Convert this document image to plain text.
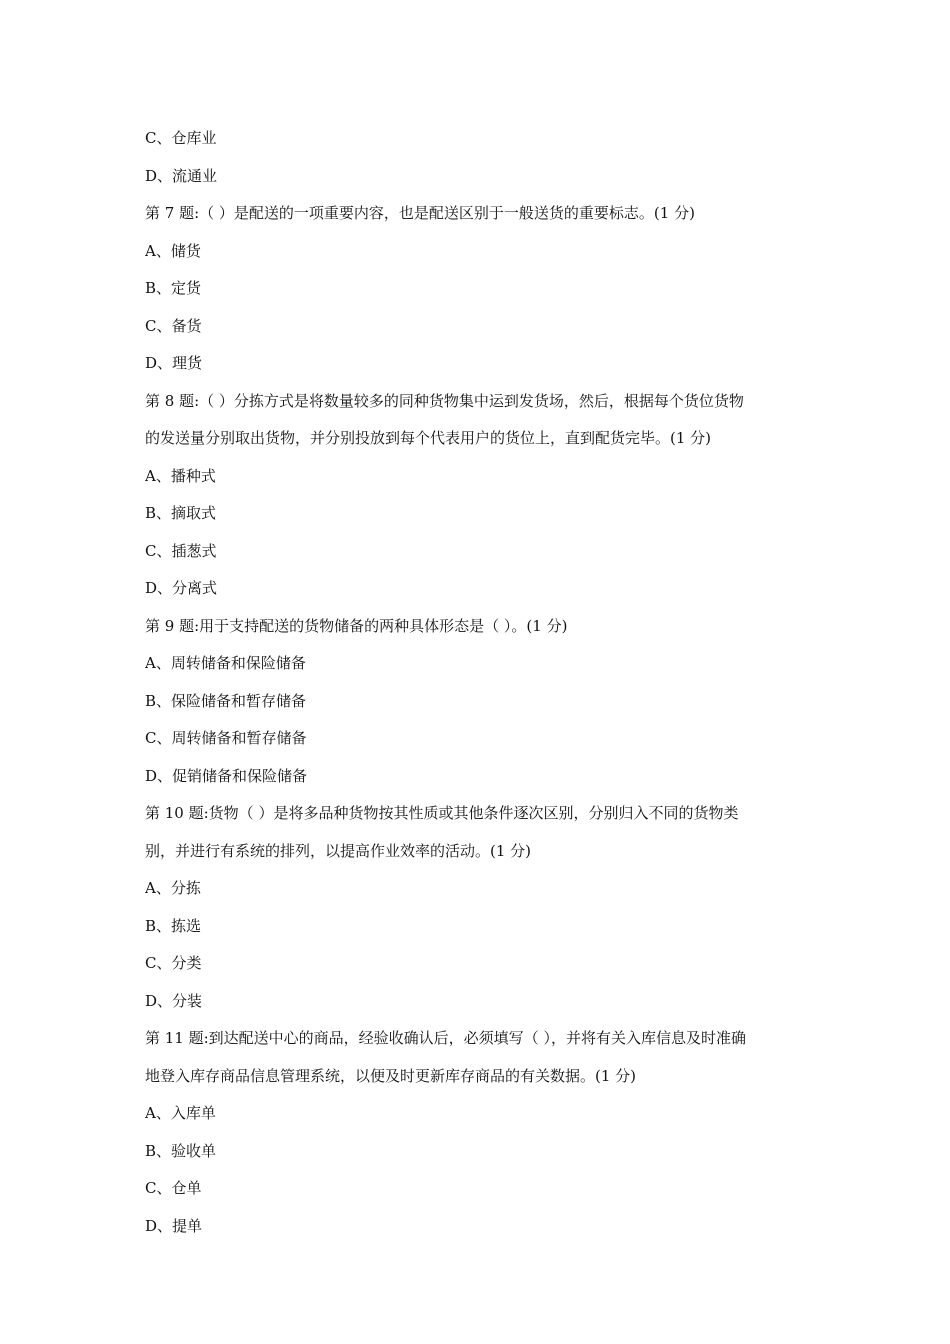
C、仓库业
D、流通业
第 7 题:（ ）是配送的一项重要内容，也是配送区别于一般送货的重要标志。(1 分)
A、储货
B、定货
C、备货
D、理货
第 8 题:（ ）分拣方式是将数量较多的同种货物集中运到发货场，然后，根据每个货位货物
的发送量分别取出货物，并分别投放到每个代表用户的货位上，直到配货完毕。(1 分)
A、播种式
B、摘取式
C、插葱式
D、分离式
第 9 题:用于支持配送的货物储备的两种具体形态是（ ）。(1 分)
A、周转储备和保险储备
B、保险储备和暂存储备
C、周转储备和暂存储备
D、促销储备和保险储备
第 10 题:货物（ ）是将多品种货物按其性质或其他条件逐次区别，分别归入不同的货物类
别，并进行有系统的排列，以提高作业效率的活动。(1 分)
A、分拣
B、拣选
C、分类
D、分装
第 11 题:到达配送中心的商品，经验收确认后，必须填写（ ），并将有关入库信息及时准确
地登入库存商品信息管理系统，以便及时更新库存商品的有关数据。(1 分)
A、入库单
B、验收单
C、仓单
D、提单
